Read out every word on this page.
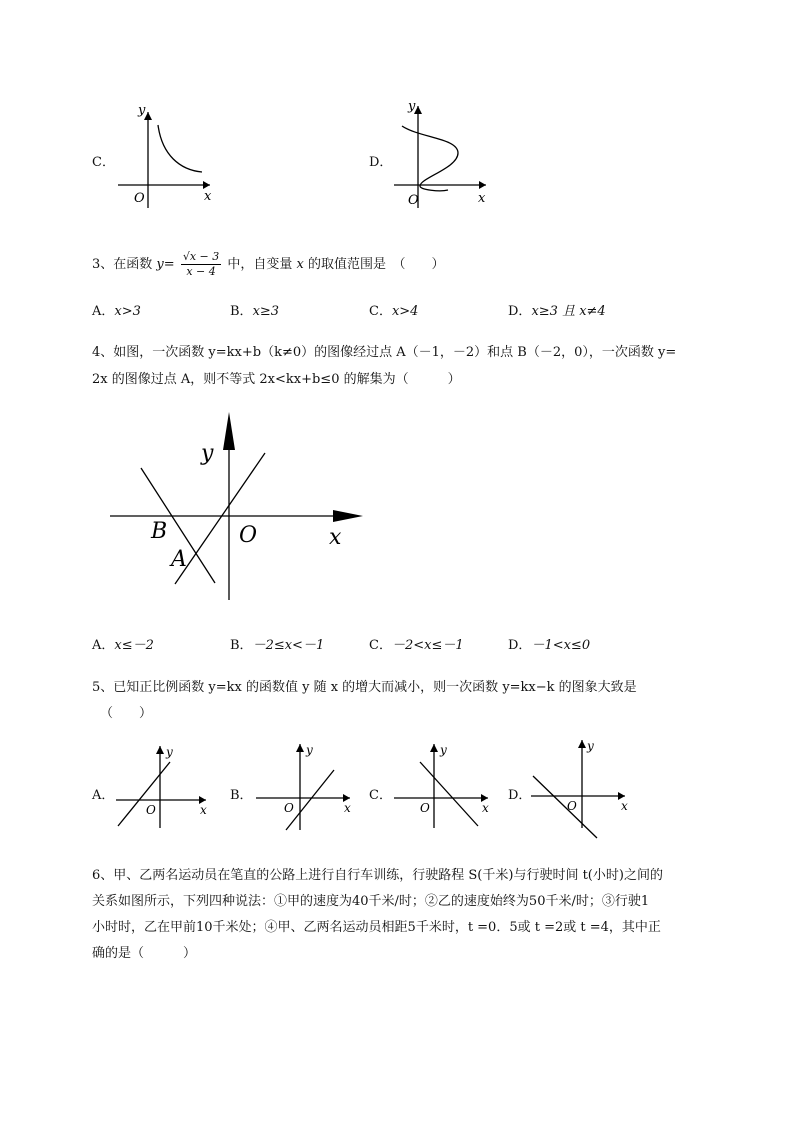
C．
y
O	x
D．
y
O	x
3、在函数 $y= \frac{√x - 3}{x - 4}$ 中，自变量 x 的取值范围是　（　　）
A．x>3	B．x≥3	C．x>4	D．x≥3 且 x≠4
4、如图，一次函数 y=kx+b（k≠0）的图像经过点 A（－1，－2）和点 B（－2，0），一次函数 y=
2x 的图像过点 A，则不等式 2x<kx+b≤0 的解集为（　　　）
y
x
O
B
A
A．x≤－2	B．－2≤x<－1	C．－2<x≤－1	D．－1<x≤0
5、已知正比例函数 y=kx 的函数值 y 随 x 的增大而减小，则一次函数 y=kx−k 的图象大致是
（　　）
A．
y
O	x
B．
y
O	x
C．
y
O	x
D．
y
O	x
6、甲、乙两名运动员在笔直的公路上进行自行车训练，行驶路程 S(千米)与行驶时间 t(小时)之间的
关系如图所示，下列四种说法：①甲的速度为40千米/时；②乙的速度始终为50千米/时；③行驶1
小时时，乙在甲前10千米处；④甲、乙两名运动员相距5千米时，t =0．5或 t =2或 t =4，其中正
确的是（　　　）
